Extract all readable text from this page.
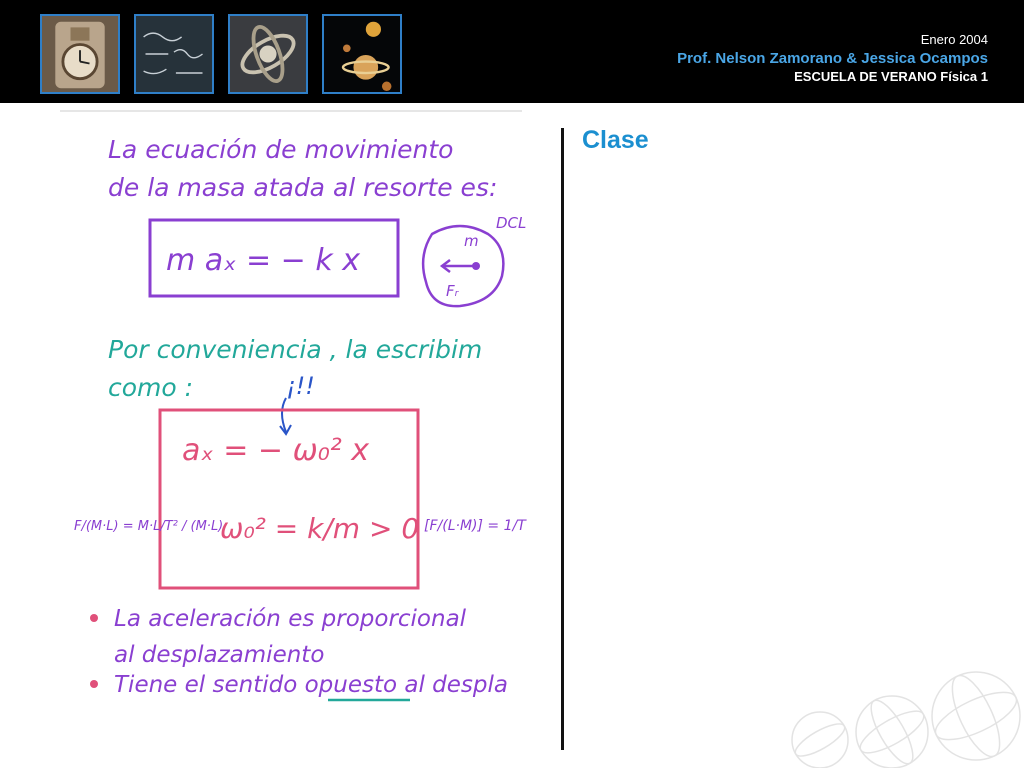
Enero 2004
Prof. Nelson Zamorano & Jessica Ocampos
ESCUELA DE VERANO Física 1
La ecuación de movimiento
de la masa atada al resorte es:
m aₓ = − k x
m
Fᵣ
DCL
Por conveniencia , la escribim
como :	¡!!
aₓ = − ω₀² x
ω₀² = k/m > 0
F/(M·L) = M·L/T² / (M·L)	[F/(L·M)] = 1/T
La aceleración es proporcional
al desplazamiento
Tiene el sentido opuesto al despla
Clase
